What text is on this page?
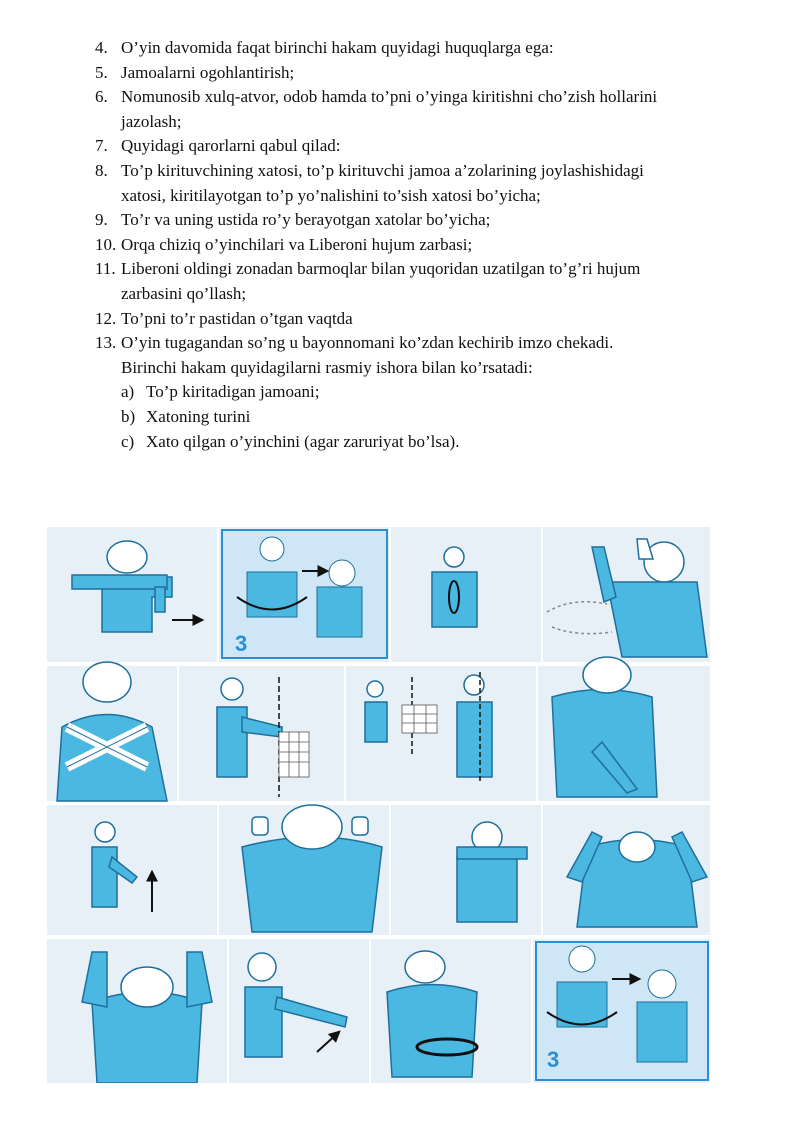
4. O’yin davomida faqat birinchi hakam quyidagi huquqlarga ega:
5. Jamoalarni ogohlantirish;
6. Nomunosib xulq-atvor, odob hamda to’pni o’yinga kiritishni cho’zish hollarini
jazolash;
7. Quyidagi qarorlarni qabul qilad:
8. To’p kirituvchining xatosi, to’p kirituvchi jamoa a’zolarining joylashishidagi
xatosi, kiritilayotgan to’p yo’nalishini to’sish xatosi bo’yicha;
9. To’r va uning ustida ro’y berayotgan xatolar bo’yicha;
10. Orqa chiziq o’yinchilari va Liberoni hujum zarbasi;
11. Liberoni oldingi zonadan barmoqlar bilan yuqoridan uzatilgan to’g’ri hujum
zarbasini qo’llash;
12. To’pni to’r pastidan o’tgan vaqtda
13. O’yin tugagandan so’ng u bayonnomani ko’zdan kechirib imzo chekadi.
Birinchi hakam quyidagilarni rasmiy ishora bilan ko’rsatadi:
a) To’p kiritadigan jamoani;
b) Xatoning turini
c) Xato qilgan o’yinchini (agar zaruriyat bo’lsa).
3
3
